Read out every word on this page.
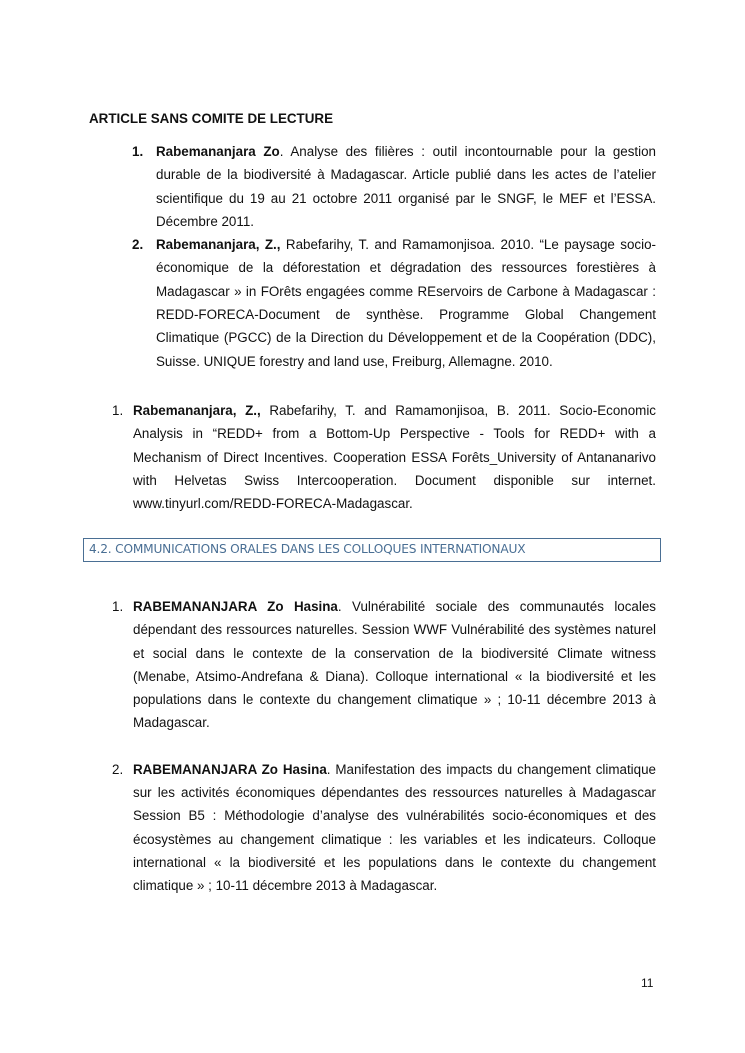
ARTICLE SANS COMITE DE LECTURE
1. Rabemananjara Zo. Analyse des filières : outil incontournable pour la gestion durable de la biodiversité à Madagascar. Article publié dans les actes de l’atelier scientifique du 19 au 21 octobre 2011 organisé par le SNGF, le MEF et l’ESSA. Décembre 2011.
2. Rabemananjara, Z., Rabefarihy, T. and Ramamonjisoa. 2010. “Le paysage socio-économique de la déforestation et dégradation des ressources forestières à Madagascar » in FOrêts engagées comme REservoirs de Carbone à Madagascar : REDD-FORECA-Document de synthèse. Programme Global Changement Climatique (PGCC) de la Direction du Développement et de la Coopération (DDC), Suisse. UNIQUE forestry and land use, Freiburg, Allemagne. 2010.
1. Rabemananjara, Z., Rabefarihy, T. and Ramamonjisoa, B. 2011. Socio-Economic Analysis in “REDD+ from a Bottom-Up Perspective - Tools for REDD+ with a Mechanism of Direct Incentives. Cooperation ESSA Forêts_University of Antananarivo with Helvetas Swiss Intercooperation. Document disponible sur internet. www.tinyurl.com/REDD-FORECA-Madagascar.
4.2. COMMUNICATIONS ORALES DANS LES COLLOQUES INTERNATIONAUX
1. RABEMANANJARA Zo Hasina. Vulnérabilité sociale des communautés locales dépendant des ressources naturelles. Session WWF Vulnérabilité des systèmes naturel et social dans le contexte de la conservation de la biodiversité Climate witness (Menabe, Atsimo-Andrefana & Diana). Colloque international « la biodiversité et les populations dans le contexte du changement climatique » ; 10-11 décembre 2013 à Madagascar.
2. RABEMANANJARA Zo Hasina. Manifestation des impacts du changement climatique sur les activités économiques dépendantes des ressources naturelles à Madagascar Session B5 : Méthodologie d’analyse des vulnérabilités socio-économiques et des écosystèmes au changement climatique : les variables et les indicateurs. Colloque international « la biodiversité et les populations dans le contexte du changement climatique » ; 10-11 décembre 2013 à Madagascar.
11
